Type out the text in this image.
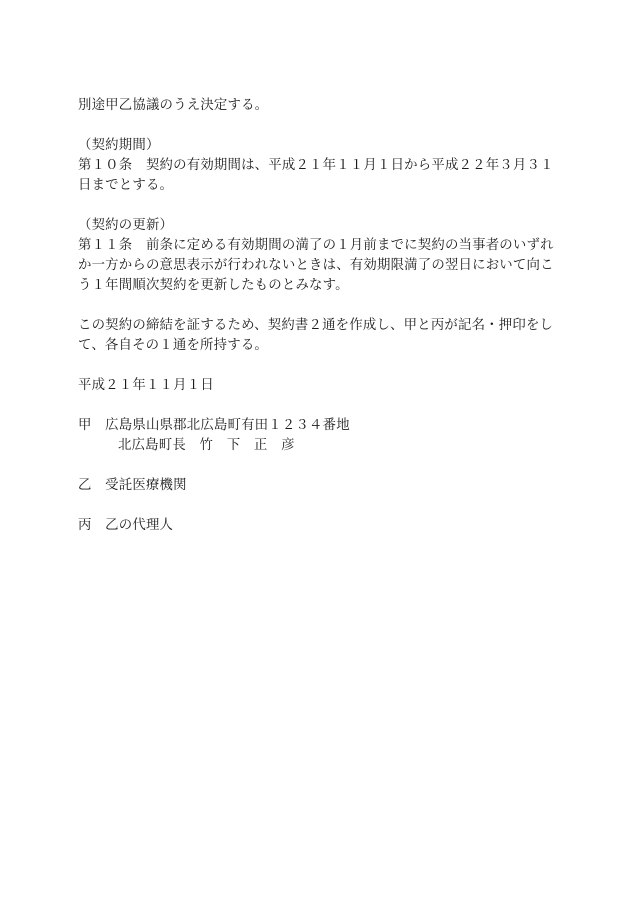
別途甲乙協議のうえ決定する。
（契約期間）
第１０条　契約の有効期間は、平成２１年１１月１日から平成２２年３月３１
日までとする。
（契約の更新）
第１１条　前条に定める有効期間の満了の１月前までに契約の当事者のいずれ
か一方からの意思表示が行われないときは、有効期限満了の翌日において向こ
う１年間順次契約を更新したものとみなす。
この契約の締結を証するため、契約書２通を作成し、甲と丙が記名・押印をし
て、各自その１通を所持する。
平成２１年１１月１日
甲　広島県山県郡北広島町有田１２３４番地
北広島町長　竹　下　正　彦
乙　受託医療機関
丙　乙の代理人
